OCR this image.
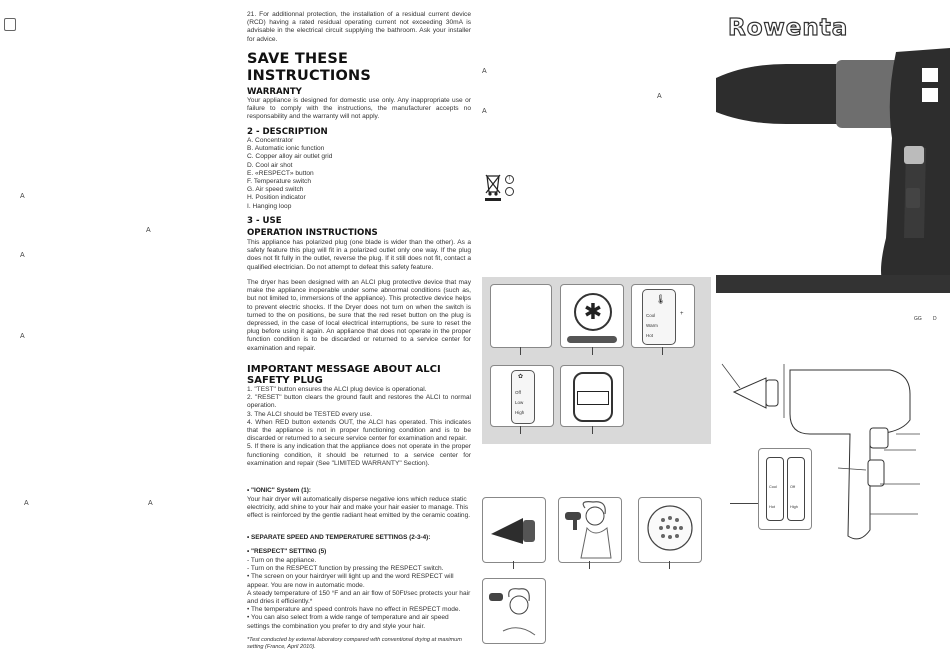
A
A
A
A
A	A
21. For additionnal protection, the installation of a residual current device (RCD) having a rated residual operating current not exceeding 30mA is advisable in the electrical circuit supplying the bathroom. Ask your installer for advice.
SAVE THESE INSTRUCTIONS
WARRANTY
Your appliance is designed for domestic use only. Any inappropriate use or failure to comply with the instructions, the manufacturer accepts no responsability and the warranty will not apply.
2 - DESCRIPTION
A. Concentrator
B. Automatic ionic function
C. Copper alloy air outlet grid
D. Cool air shot
E. «RESPECT» button
F. Temperature switch
G. Air speed switch
H. Position indicator
I. Hanging loop
3 - USE
OPERATION INSTRUCTIONS
This appliance has polarized plug (one blade is wider than the other). As a safety feature this plug will fit in a polarized outlet only one way. If the plug does not fit fully in the outlet, reverse the plug. If it still does not fit, contact a qualified electrician. Do not attempt to defeat this safety feature.
The dryer has been designed with an ALCI plug protective device that may make the appliance inoperable under some abnormal conditions (such as, but not limited to, immersions of the appliance). This protective device helps to prevent electric shocks. If the Dryer does not turn on when the switch is turned to the on positions, be sure that the red reset button on the plug is depressed, in the case of local electrical interruptions, be sure to reset the plug before using it again. An appliance that does not operate in the proper function condition is to be discarded or returned to a service center for examination and repair.
IMPORTANT MESSAGE ABOUT ALCI SAFETY PLUG
1. "TEST" button ensures the ALCI plug device is operational.
2. "RESET" button clears the ground fault and restores the ALCI to normal operation.
3. The ALCI should be TESTED every use.
4. When RED button extends OUT, the ALCI has operated. This indicates that the appliance is not in proper functioning condition and is to be discarded or returned to a secure service center for examination and repair.
5. If there is any indication that the appliance does not operate in the proper functioning condition, it should be returned to a service center for examination and repair (See "LIMITED WARRANTY" Section).
• "IONIC" System (1):
Your hair dryer will automatically disperse negative ions which reduce static electricity, add shine to your hair and make your hair easier to manage. This effect is reinforced by the gentle radiant heat emitted by the ceramic coating.
• SEPARATE SPEED AND TEMPERATURE SETTINGS (2-3-4):
• "RESPECT" SETTING (5)
- Turn on the appliance.
- Turn on the RESPECT function by pressing the RESPECT switch.
• The screen on your hairdryer will light up and the word RESPECT will appear. You are now in automatic mode.
A steady temperature of 150 °F and an air flow of 50Ft/sec protects your hair and dries it efficiently.*
• The temperature and speed controls have no effect in RESPECT mode.
• You can also select from a wide range of temperature and air speed settings the combination you prefer to dry and style your hair.
*Test conducted by external laboratory compared with conventional drying at maximum setting (France, April 2010).
A
A
A
!
✱	🌡
Cool
Warm
Hot
+
✿
Off
Low
High
Rowenta
GG D
Cool
Hot
Off
High
